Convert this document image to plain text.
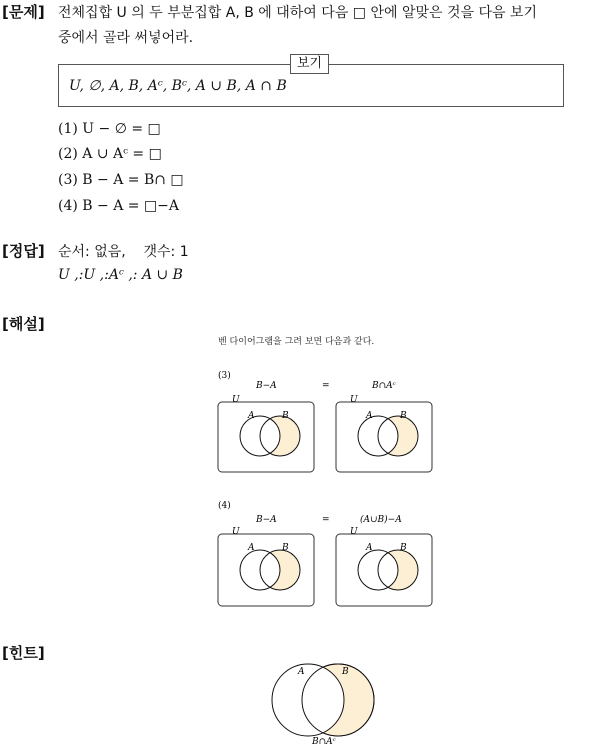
[문제] 전체집합 U 의 두 부분집합 A, B 에 대하여 다음 □ 안에 알맞은 것을 다음 보기
중에서 골라 써넣어라.
보기
U, ∅, A, B, Aᶜ, Bᶜ, A ∪ B, A ∩ B
(1) U − ∅ = □
(2) A ∪ Aᶜ = □
(3) B − A = B∩ □
(4) B − A = □−A
[정답] 순서: 없음,    갯수: 1
U ,:U ,:Aᶜ ,: A ∪ B
[해설]
벤 다이어그램을 그려 보면 다음과 같다.
(3)
B−A	=	B∩Aᶜ
U
A	B
U
A	B
(4)
B−A	=	(A∪B)−A
U
A	B
U
A	B
[힌트]
A	B
B∩Aᶜ
